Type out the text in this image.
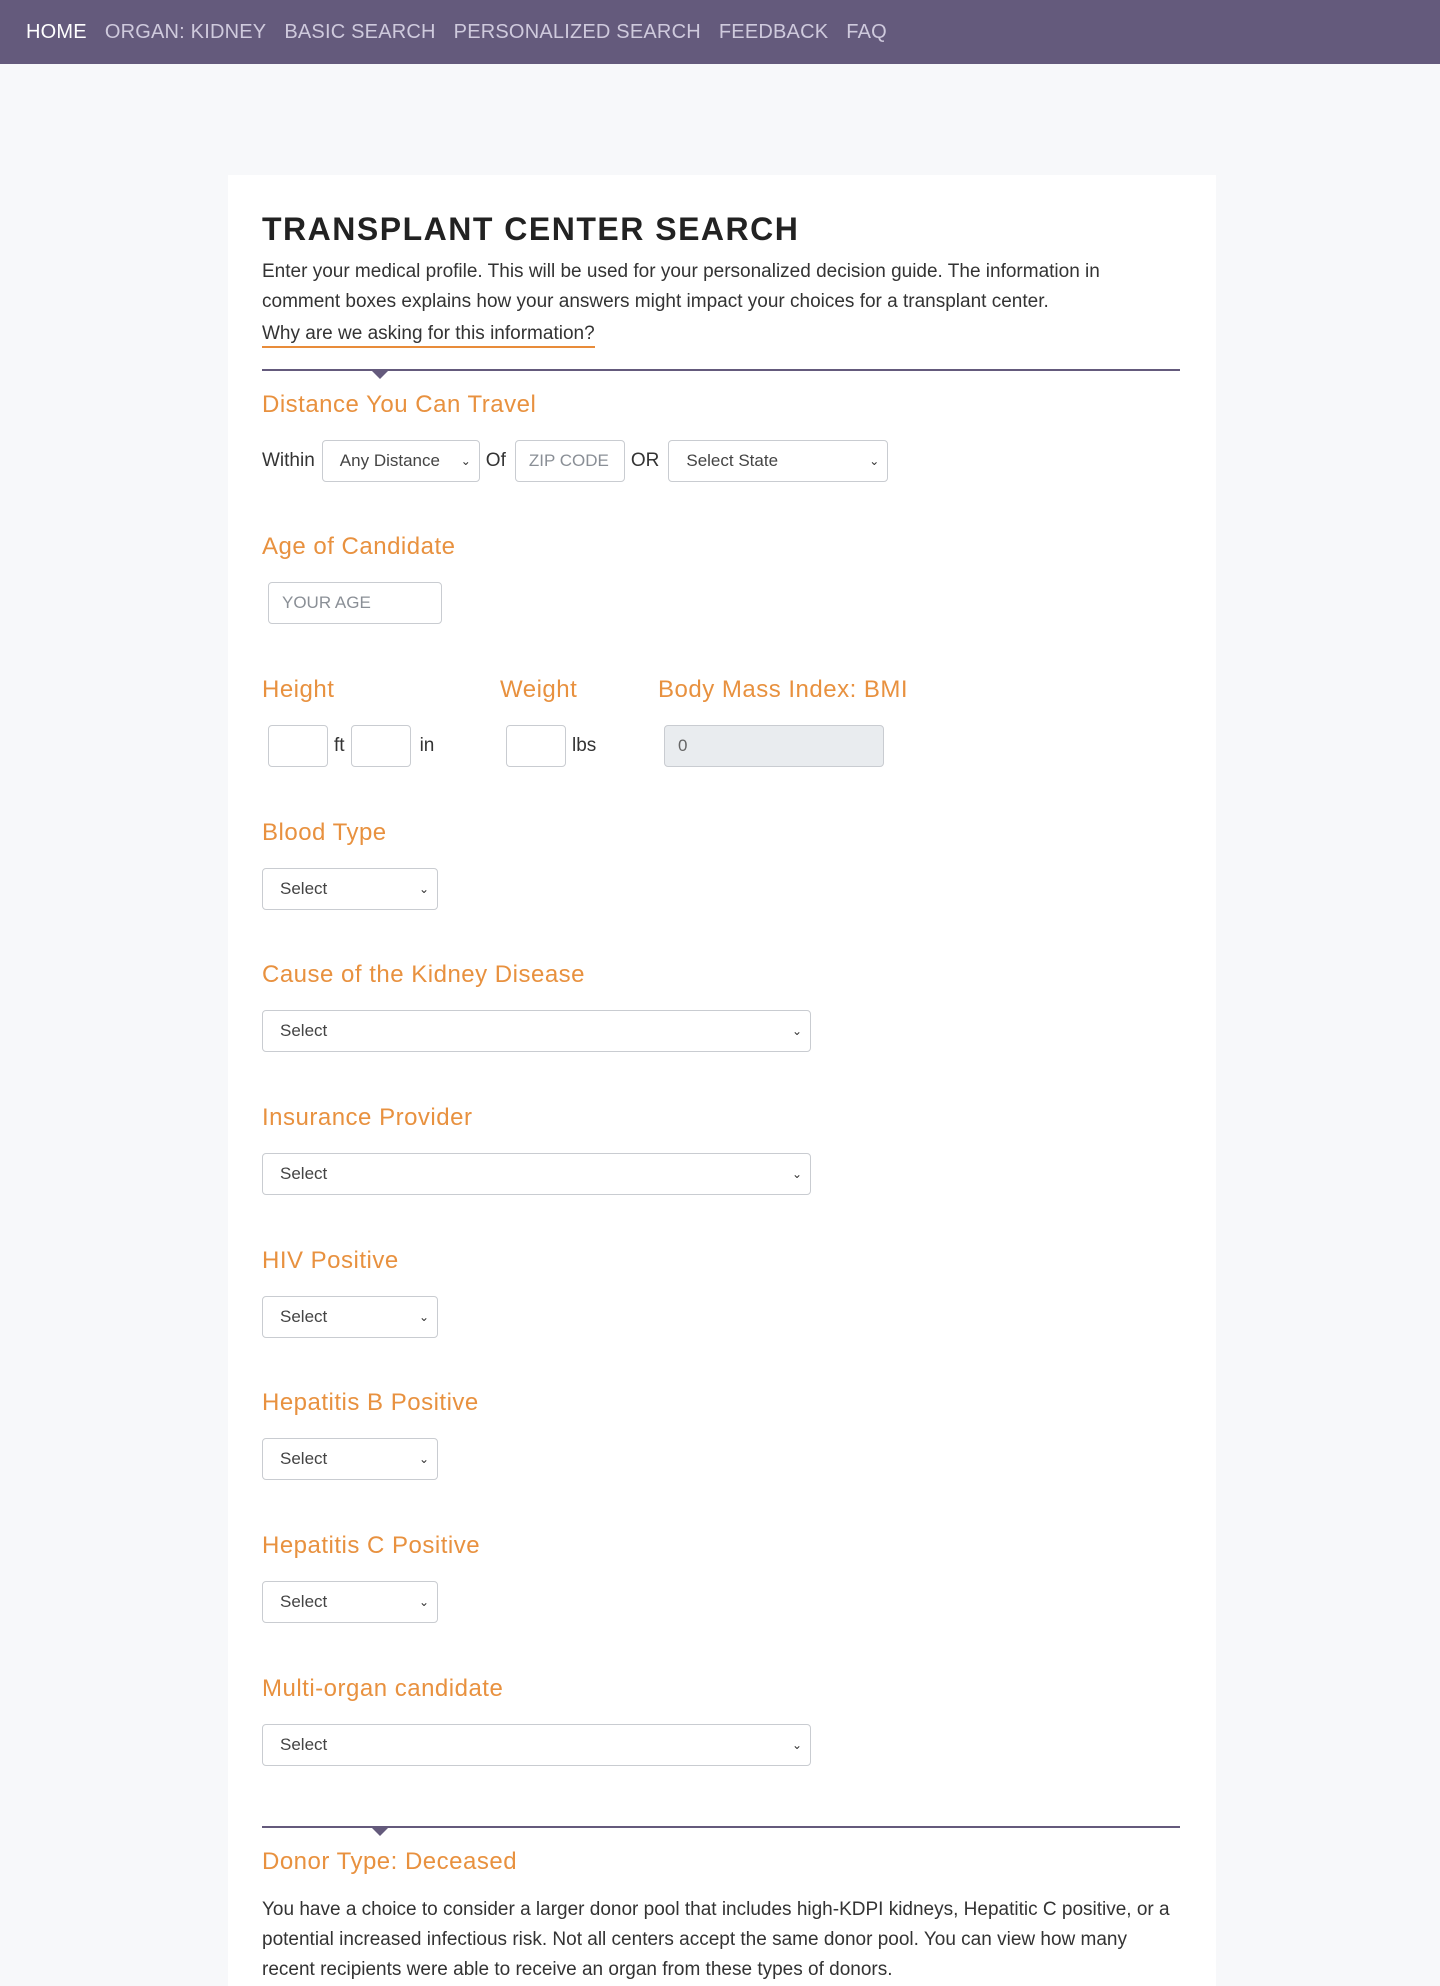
HOME ORGAN: KIDNEY BASIC SEARCH PERSONALIZED SEARCH FEEDBACK FAQ
TRANSPLANT CENTER SEARCH
Enter your medical profile. This will be used for your personalized decision guide. The information in comment boxes explains how your answers might impact your choices for a transplant center.
Why are we asking for this information?
Distance You Can Travel
Within Any Distance ⌄ Of
ZIP CODE	OR Select State	⌄
Age of Candidate
YOUR AGE
Height
ft	in
Weight
lbs
Body Mass Index: BMI
0
Blood Type
Select	⌄
Cause of the Kidney Disease
Select	⌄
Insurance Provider
Select	⌄
HIV Positive
Select	⌄
Hepatitis B Positive
Select	⌄
Hepatitis C Positive
Select	⌄
Multi-organ candidate
Select	⌄
Donor Type: Deceased
You have a choice to consider a larger donor pool that includes high-KDPI kidneys, Hepatitic C positive, or a potential increased infectious risk. Not all centers accept the same donor pool. You can view how many recent recipients were able to receive an organ from these types of donors.
